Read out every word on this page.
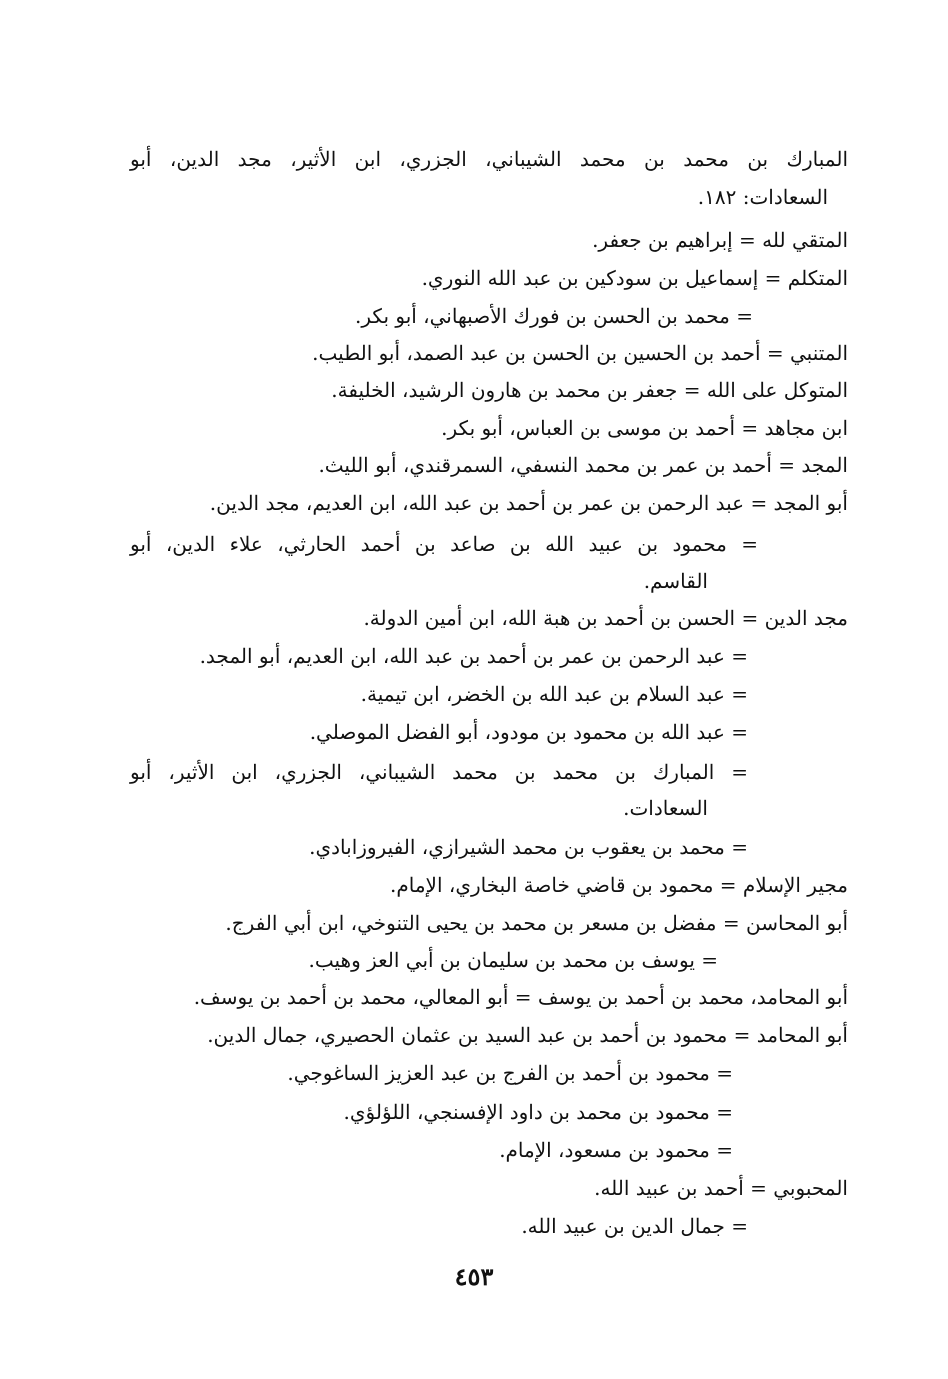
المبارك بن محمد بن محمد الشيباني، الجزري، ابن الأثير، مجد الدين، أبو
السعادات: ١٨٢.
المتقي لله = إبراهيم بن جعفر.
المتكلم = إسماعيل بن سودكين بن عبد الله النوري.
= محمد بن الحسن بن فورك الأصبهاني، أبو بكر.
المتنبي = أحمد بن الحسين بن الحسن بن عبد الصمد، أبو الطيب.
المتوكل على الله = جعفر بن محمد بن هارون الرشيد، الخليفة.
ابن مجاهد = أحمد بن موسى بن العباس، أبو بكر.
المجد = أحمد بن عمر بن محمد النسفي، السمرقندي، أبو الليث.
أبو المجد = عبد الرحمن بن عمر بن أحمد بن عبد الله، ابن العديم، مجد الدين.
= محمود بن عبيد الله بن صاعد بن أحمد الحارثي، علاء الدين، أبو
القاسم.
مجد الدين = الحسن بن أحمد بن هبة الله، ابن أمين الدولة.
= عبد الرحمن بن عمر بن أحمد بن عبد الله، ابن العديم، أبو المجد.
= عبد السلام بن عبد الله بن الخضر، ابن تيمية.
= عبد الله بن محمود بن مودود، أبو الفضل الموصلي.
= المبارك بن محمد بن محمد الشيباني، الجزري، ابن الأثير، أبو
السعادات.
= محمد بن يعقوب بن محمد الشيرازي، الفيروزابادي.
مجير الإسلام = محمود بن قاضي خاصة البخاري، الإمام.
أبو المحاسن = مفضل بن مسعر بن محمد بن يحيى التنوخي، ابن أبي الفرج.
= يوسف بن محمد بن سليمان بن أبي العز وهيب.
أبو المحامد، محمد بن أحمد بن يوسف = أبو المعالي، محمد بن أحمد بن يوسف.
أبو المحامد = محمود بن أحمد بن عبد السيد بن عثمان الحصيري، جمال الدين.
= محمود بن أحمد بن الفرج بن عبد العزيز الساغوجي.
= محمود بن محمد بن داود الإفسنجي، اللؤلؤي.
= محمود بن مسعود، الإمام.
المحبوبي = أحمد بن عبيد الله.
= جمال الدين بن عبيد الله.
٤٥٣
